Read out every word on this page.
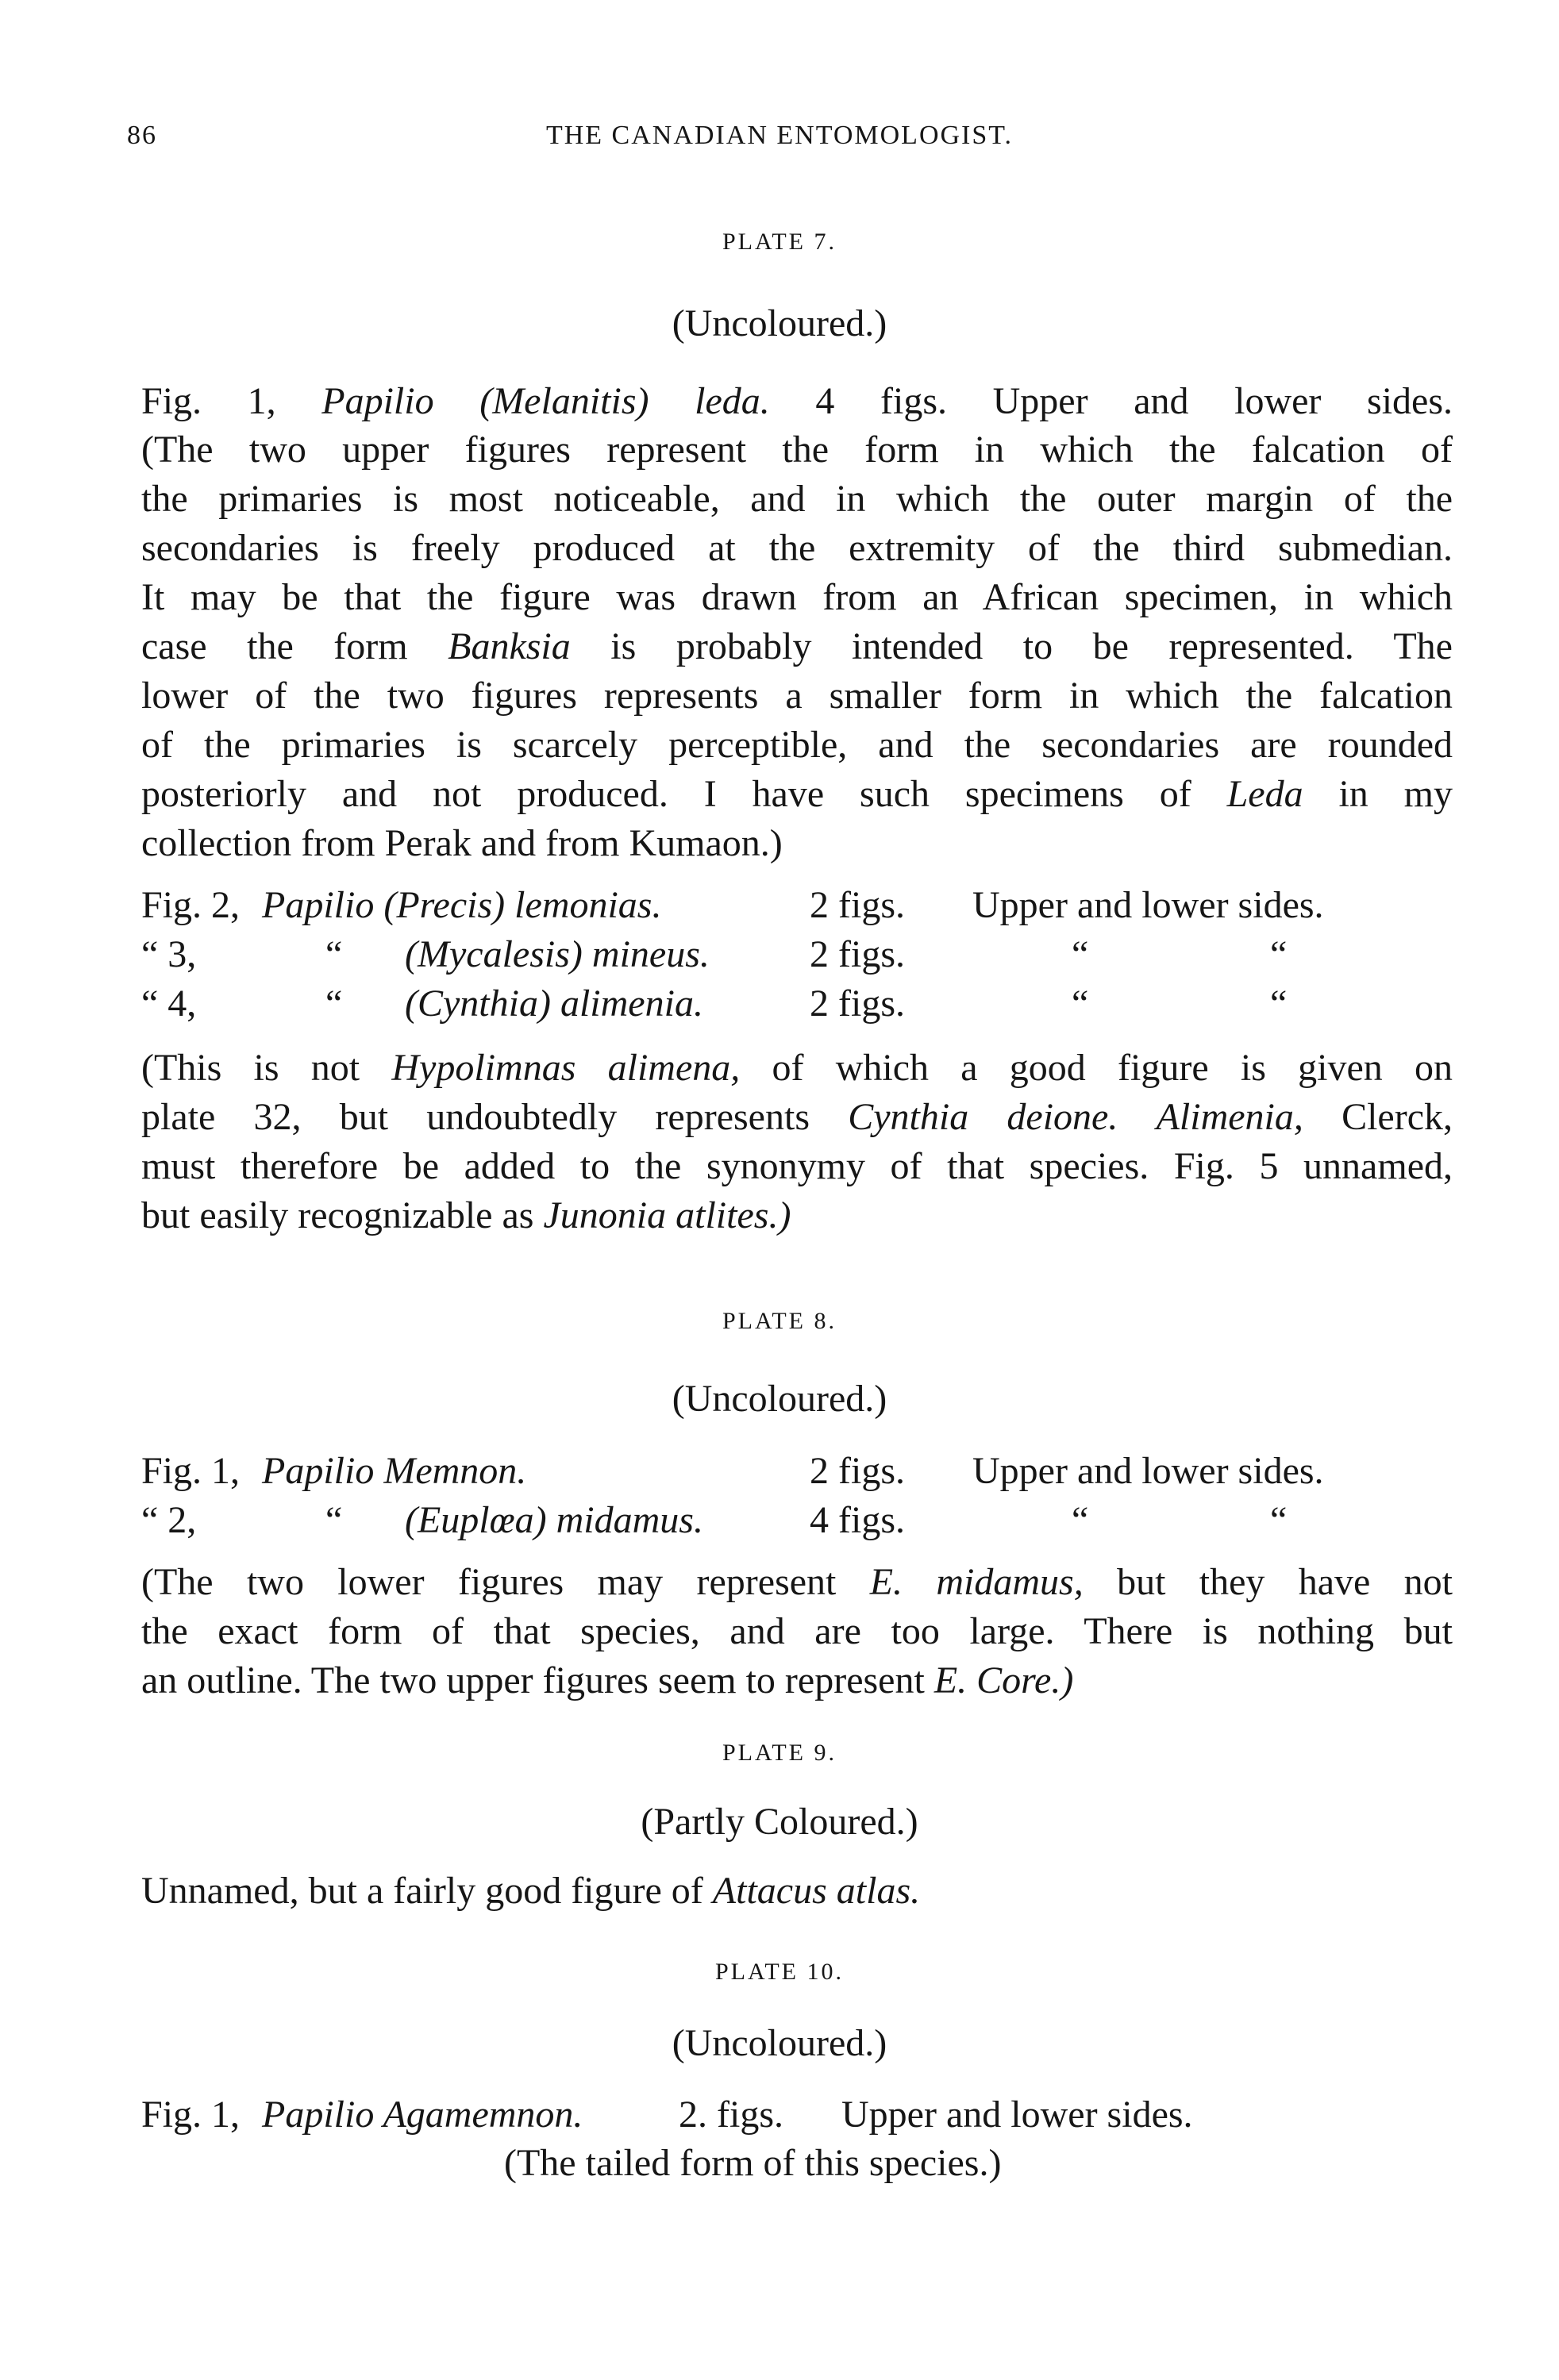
86	THE CANADIAN ENTOMOLOGIST.
PLATE 7.
(Uncoloured.)
Fig. 1, Papilio (Melanitis) leda. 4 figs. Upper and lower sides.
(The two upper figures represent the form in which the falcation of
the primaries is most noticeable, and in which the outer margin of the
secondaries is freely produced at the extremity of the third submedian.
It may be that the figure was drawn from an African specimen, in which
case the form Banksia is probably intended to be represented. The
lower of the two figures represents a smaller form in which the falcation
of the primaries is scarcely perceptible, and the secondaries are rounded
posteriorly and not produced. I have such specimens of Leda in my
collection from Perak and from Kumaon.)
Fig. 2, Papilio (Precis) lemonias.	2 figs. Upper and lower sides.
“ 3,	“ (Mycalesis) mineus.	2 figs.	“	“
“ 4,	“ (Cynthia) alimenia.	2 figs.	“	“
(This is not Hypolimnas alimena, of which a good figure is given on
plate 32, but undoubtedly represents Cynthia deione. Alimenia, Clerck,
must therefore be added to the synonymy of that species. Fig. 5 unnamed,
but easily recognizable as Junonia atlites.)
PLATE 8.
(Uncoloured.)
Fig. 1, Papilio Memnon.	2 figs. Upper and lower sides.
“ 2,	“ (Euplœa) midamus.	4 figs.	“	“
(The two lower figures may represent E. midamus, but they have not
the exact form of that species, and are too large. There is nothing but
an outline. The two upper figures seem to represent E. Core.)
PLATE 9.
(Partly Coloured.)
Unnamed, but a fairly good figure of Attacus atlas.
PLATE 10.
(Uncoloured.)
Fig. 1, Papilio Agamemnon.	2. figs. Upper and lower sides.
(The tailed form of this species.)
